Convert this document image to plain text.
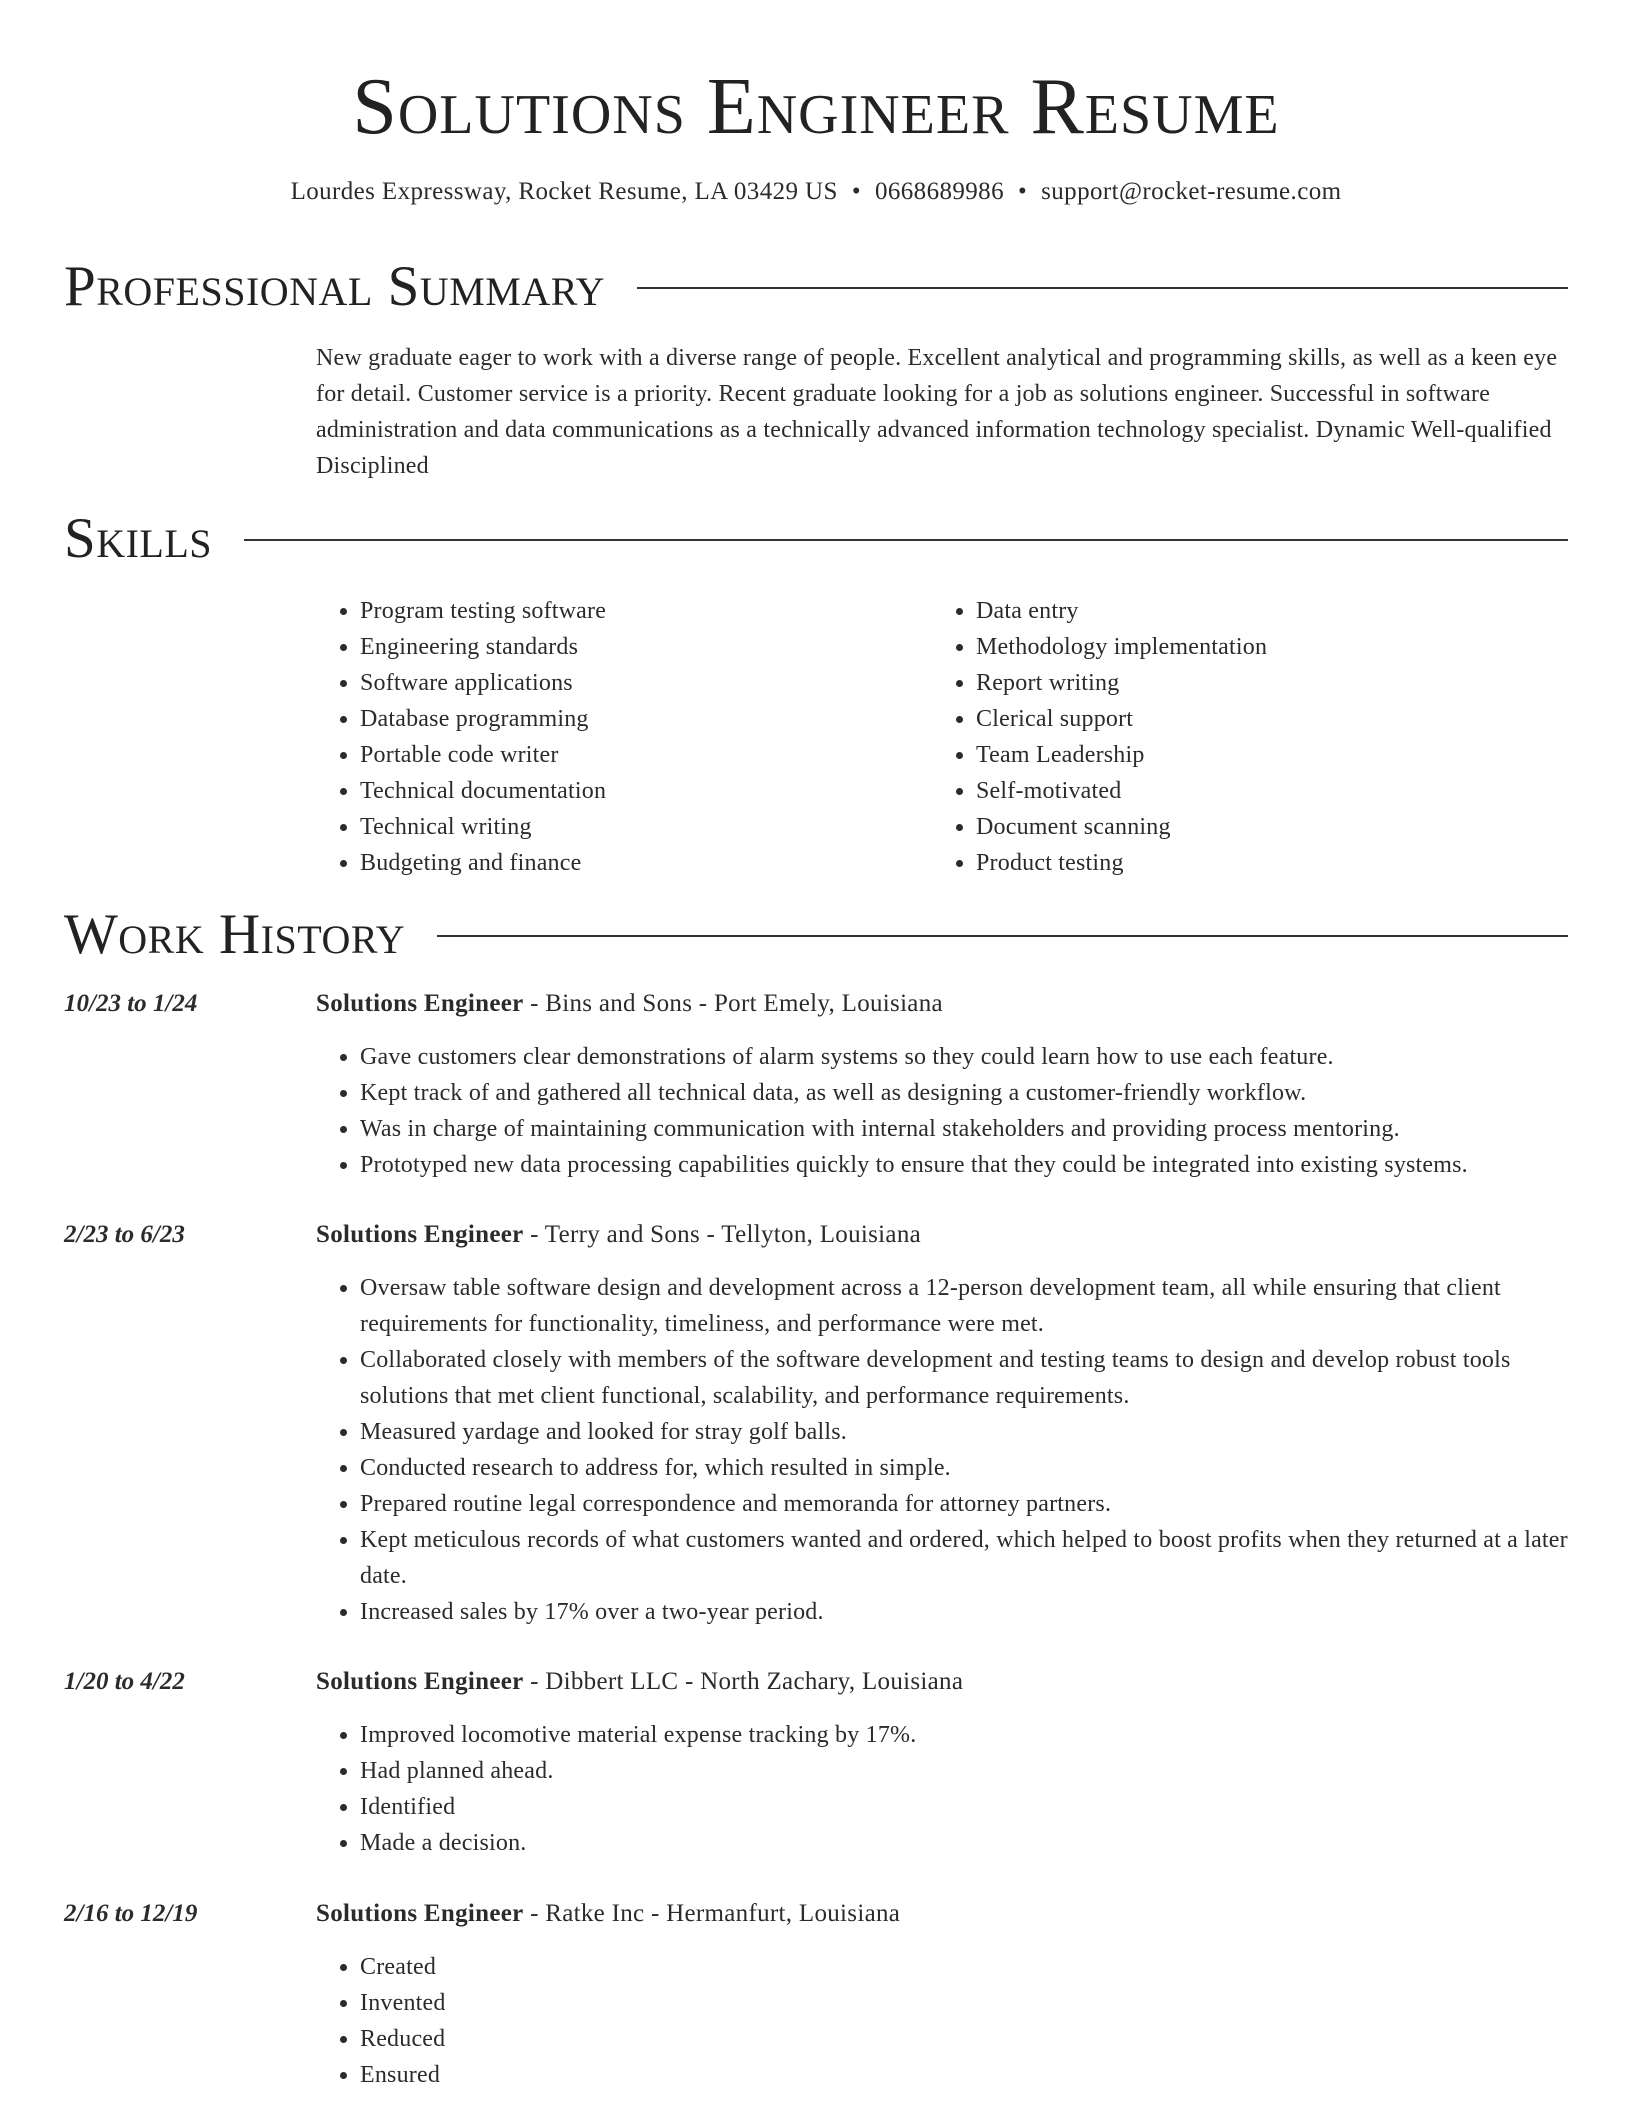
Solutions Engineer Resume
Lourdes Expressway, Rocket Resume, LA 03429 US • 0668689986 • support@rocket-resume.com
Professional Summary
New graduate eager to work with a diverse range of people. Excellent analytical and programming skills, as well as a keen eye for detail. Customer service is a priority. Recent graduate looking for a job as solutions engineer. Successful in software administration and data communications as a technically advanced information technology specialist. Dynamic Well-qualified Disciplined
Skills
• Program testing software
• Engineering standards
• Software applications
• Database programming
• Portable code writer
• Technical documentation
• Technical writing
• Budgeting and finance
• Data entry
• Methodology implementation
• Report writing
• Clerical support
• Team Leadership
• Self-motivated
• Document scanning
• Product testing
Work History
10/23 to 1/24	Solutions Engineer - Bins and Sons - Port Emely, Louisiana
• Gave customers clear demonstrations of alarm systems so they could learn how to use each feature.
• Kept track of and gathered all technical data, as well as designing a customer-friendly workflow.
• Was in charge of maintaining communication with internal stakeholders and providing process mentoring.
• Prototyped new data processing capabilities quickly to ensure that they could be integrated into existing systems.
2/23 to 6/23	Solutions Engineer - Terry and Sons - Tellyton, Louisiana
• Oversaw table software design and development across a 12-person development team, all while ensuring that client requirements for functionality, timeliness, and performance were met.
• Collaborated closely with members of the software development and testing teams to design and develop robust tools solutions that met client functional, scalability, and performance requirements.
• Measured yardage and looked for stray golf balls.
• Conducted research to address for, which resulted in simple.
• Prepared routine legal correspondence and memoranda for attorney partners.
• Kept meticulous records of what customers wanted and ordered, which helped to boost profits when they returned at a later date.
• Increased sales by 17% over a two-year period.
1/20 to 4/22	Solutions Engineer - Dibbert LLC - North Zachary, Louisiana
• Improved locomotive material expense tracking by 17%.
• Had planned ahead.
• Identified
• Made a decision.
2/16 to 12/19	Solutions Engineer - Ratke Inc - Hermanfurt, Louisiana
• Created
• Invented
• Reduced
• Ensured
